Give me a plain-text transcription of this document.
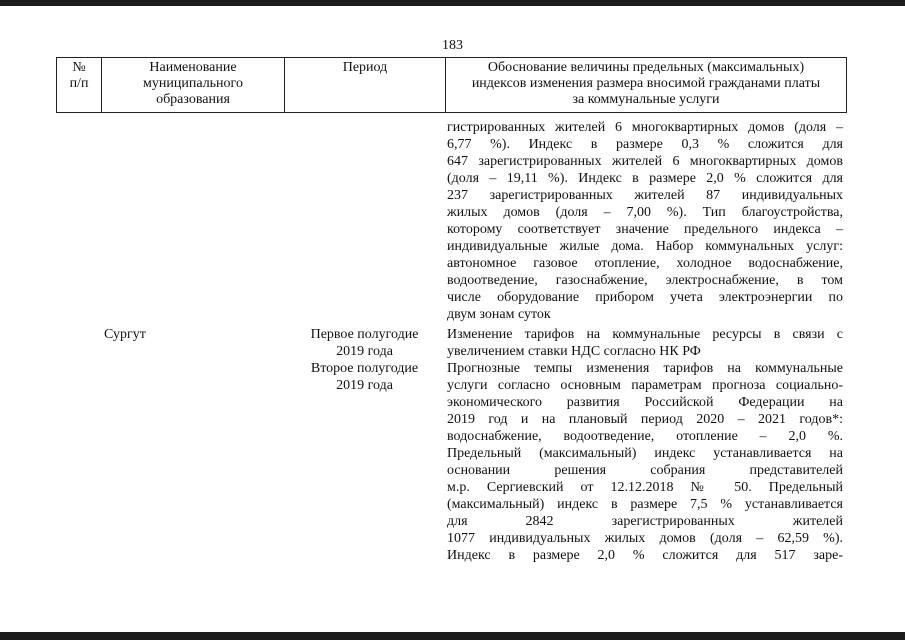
183
№
п/п
Наименование
муниципального
образования
Период	Обоснование величины предельных (максимальных)
индексов изменения размера вносимой гражданами платы
за коммунальные услуги
гистрированных жителей 6 многоквартирных домов (доля –
6,77 %). Индекс в размере 0,3 % сложится для
647 зарегистрированных жителей 6 многоквартирных домов
(доля – 19,11 %). Индекс в размере 2,0 % сложится для
237 зарегистрированных жителей 87 индивидуальных
жилых домов (доля – 7,00 %). Тип благоустройства,
которому соответствует значение предельного индекса –
индивидуальные жилые дома. Набор коммунальных услуг:
автономное газовое отопление, холодное водоснабжение,
водоотведение, газоснабжение, электроснабжение, в том
числе оборудование прибором учета электроэнергии по
двум зонам суток
Сургут	Первое полугодие
2019 года
Второе полугодие
2019 года
Изменение тарифов на коммунальные ресурсы в связи с
увеличением ставки НДС согласно НК РФ
Прогнозные темпы изменения тарифов на коммунальные
услуги согласно основным параметрам прогноза социально-
экономического развития Российской Федерации на
2019 год и на плановый период 2020 – 2021 годов*:
водоснабжение, водоотведение, отопление – 2,0 %.
Предельный (максимальный) индекс устанавливается на
основании решения собрания представителей
м.р. Сергиевский от 12.12.2018 № 50. Предельный
(максимальный) индекс в размере 7,5 % устанавливается
для 2842 зарегистрированных жителей
1077 индивидуальных жилых домов (доля – 62,59 %).
Индекс в размере 2,0 % сложится для 517 заре-
